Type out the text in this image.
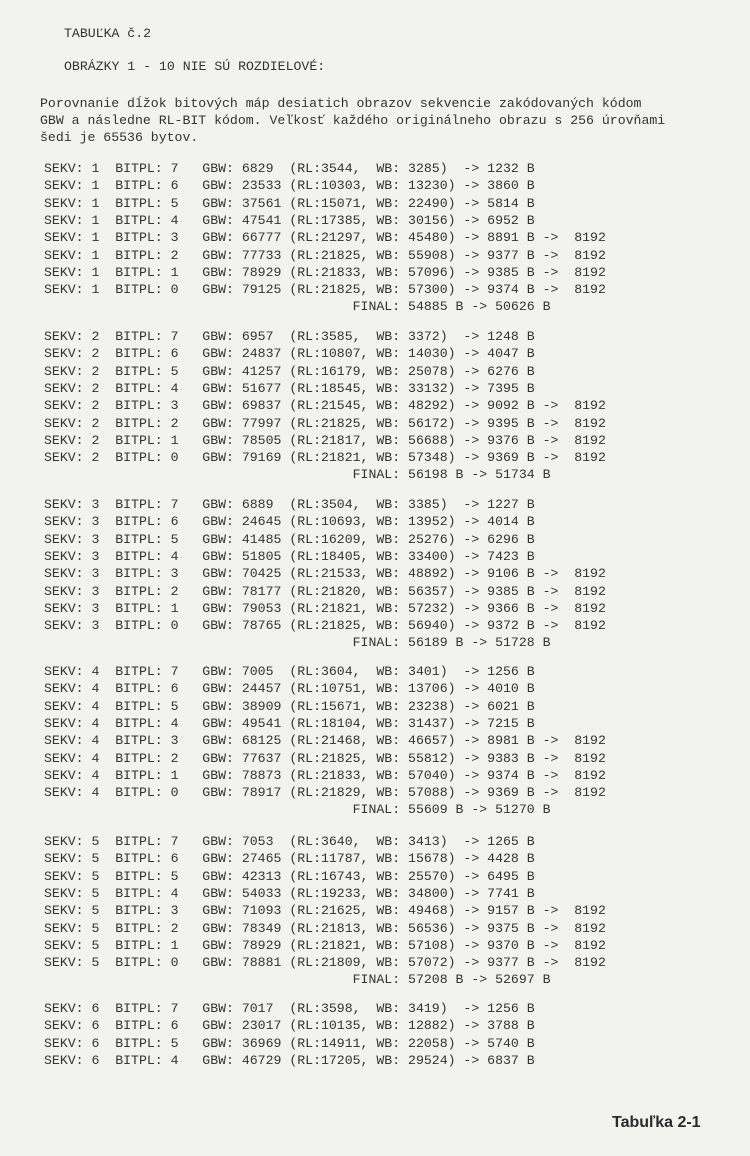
TABUĽKA č.2
OBRÁZKY 1 - 10 NIE SÚ ROZDIELOVÉ:
Porovnanie dĺžok bitových máp desiatich obrazov sekvencie zakódovaných kódom
GBW a následne RL-BIT kódom. Veľkosť každého originálneho obrazu s 256 úrovňami
šedi je 65536 bytov.
SEKV: 1  BITPL: 7   GBW: 6829  (RL:3544,  WB: 3285)  -> 1232 B
SEKV: 1  BITPL: 6   GBW: 23533 (RL:10303, WB: 13230) -> 3860 B
SEKV: 1  BITPL: 5   GBW: 37561 (RL:15071, WB: 22490) -> 5814 B
SEKV: 1  BITPL: 4   GBW: 47541 (RL:17385, WB: 30156) -> 6952 B
SEKV: 1  BITPL: 3   GBW: 66777 (RL:21297, WB: 45480) -> 8891 B ->  8192
SEKV: 1  BITPL: 2   GBW: 77733 (RL:21825, WB: 55908) -> 9377 B ->  8192
SEKV: 1  BITPL: 1   GBW: 78929 (RL:21833, WB: 57096) -> 9385 B ->  8192
SEKV: 1  BITPL: 0   GBW: 79125 (RL:21825, WB: 57300) -> 9374 B ->  8192
FINAL: 54885 B -> 50626 B
SEKV: 2  BITPL: 7   GBW: 6957  (RL:3585,  WB: 3372)  -> 1248 B
SEKV: 2  BITPL: 6   GBW: 24837 (RL:10807, WB: 14030) -> 4047 B
SEKV: 2  BITPL: 5   GBW: 41257 (RL:16179, WB: 25078) -> 6276 B
SEKV: 2  BITPL: 4   GBW: 51677 (RL:18545, WB: 33132) -> 7395 B
SEKV: 2  BITPL: 3   GBW: 69837 (RL:21545, WB: 48292) -> 9092 B ->  8192
SEKV: 2  BITPL: 2   GBW: 77997 (RL:21825, WB: 56172) -> 9395 B ->  8192
SEKV: 2  BITPL: 1   GBW: 78505 (RL:21817, WB: 56688) -> 9376 B ->  8192
SEKV: 2  BITPL: 0   GBW: 79169 (RL:21821, WB: 57348) -> 9369 B ->  8192
FINAL: 56198 B -> 51734 B
SEKV: 3  BITPL: 7   GBW: 6889  (RL:3504,  WB: 3385)  -> 1227 B
SEKV: 3  BITPL: 6   GBW: 24645 (RL:10693, WB: 13952) -> 4014 B
SEKV: 3  BITPL: 5   GBW: 41485 (RL:16209, WB: 25276) -> 6296 B
SEKV: 3  BITPL: 4   GBW: 51805 (RL:18405, WB: 33400) -> 7423 B
SEKV: 3  BITPL: 3   GBW: 70425 (RL:21533, WB: 48892) -> 9106 B ->  8192
SEKV: 3  BITPL: 2   GBW: 78177 (RL:21820, WB: 56357) -> 9385 B ->  8192
SEKV: 3  BITPL: 1   GBW: 79053 (RL:21821, WB: 57232) -> 9366 B ->  8192
SEKV: 3  BITPL: 0   GBW: 78765 (RL:21825, WB: 56940) -> 9372 B ->  8192
FINAL: 56189 B -> 51728 B
SEKV: 4  BITPL: 7   GBW: 7005  (RL:3604,  WB: 3401)  -> 1256 B
SEKV: 4  BITPL: 6   GBW: 24457 (RL:10751, WB: 13706) -> 4010 B
SEKV: 4  BITPL: 5   GBW: 38909 (RL:15671, WB: 23238) -> 6021 B
SEKV: 4  BITPL: 4   GBW: 49541 (RL:18104, WB: 31437) -> 7215 B
SEKV: 4  BITPL: 3   GBW: 68125 (RL:21468, WB: 46657) -> 8981 B ->  8192
SEKV: 4  BITPL: 2   GBW: 77637 (RL:21825, WB: 55812) -> 9383 B ->  8192
SEKV: 4  BITPL: 1   GBW: 78873 (RL:21833, WB: 57040) -> 9374 B ->  8192
SEKV: 4  BITPL: 0   GBW: 78917 (RL:21829, WB: 57088) -> 9369 B ->  8192
FINAL: 55609 B -> 51270 B
SEKV: 5  BITPL: 7   GBW: 7053  (RL:3640,  WB: 3413)  -> 1265 B
SEKV: 5  BITPL: 6   GBW: 27465 (RL:11787, WB: 15678) -> 4428 B
SEKV: 5  BITPL: 5   GBW: 42313 (RL:16743, WB: 25570) -> 6495 B
SEKV: 5  BITPL: 4   GBW: 54033 (RL:19233, WB: 34800) -> 7741 B
SEKV: 5  BITPL: 3   GBW: 71093 (RL:21625, WB: 49468) -> 9157 B ->  8192
SEKV: 5  BITPL: 2   GBW: 78349 (RL:21813, WB: 56536) -> 9375 B ->  8192
SEKV: 5  BITPL: 1   GBW: 78929 (RL:21821, WB: 57108) -> 9370 B ->  8192
SEKV: 5  BITPL: 0   GBW: 78881 (RL:21809, WB: 57072) -> 9377 B ->  8192
FINAL: 57208 B -> 52697 B
SEKV: 6  BITPL: 7   GBW: 7017  (RL:3598,  WB: 3419)  -> 1256 B
SEKV: 6  BITPL: 6   GBW: 23017 (RL:10135, WB: 12882) -> 3788 B
SEKV: 6  BITPL: 5   GBW: 36969 (RL:14911, WB: 22058) -> 5740 B
SEKV: 6  BITPL: 4   GBW: 46729 (RL:17205, WB: 29524) -> 6837 B
Tabuľka 2-1
